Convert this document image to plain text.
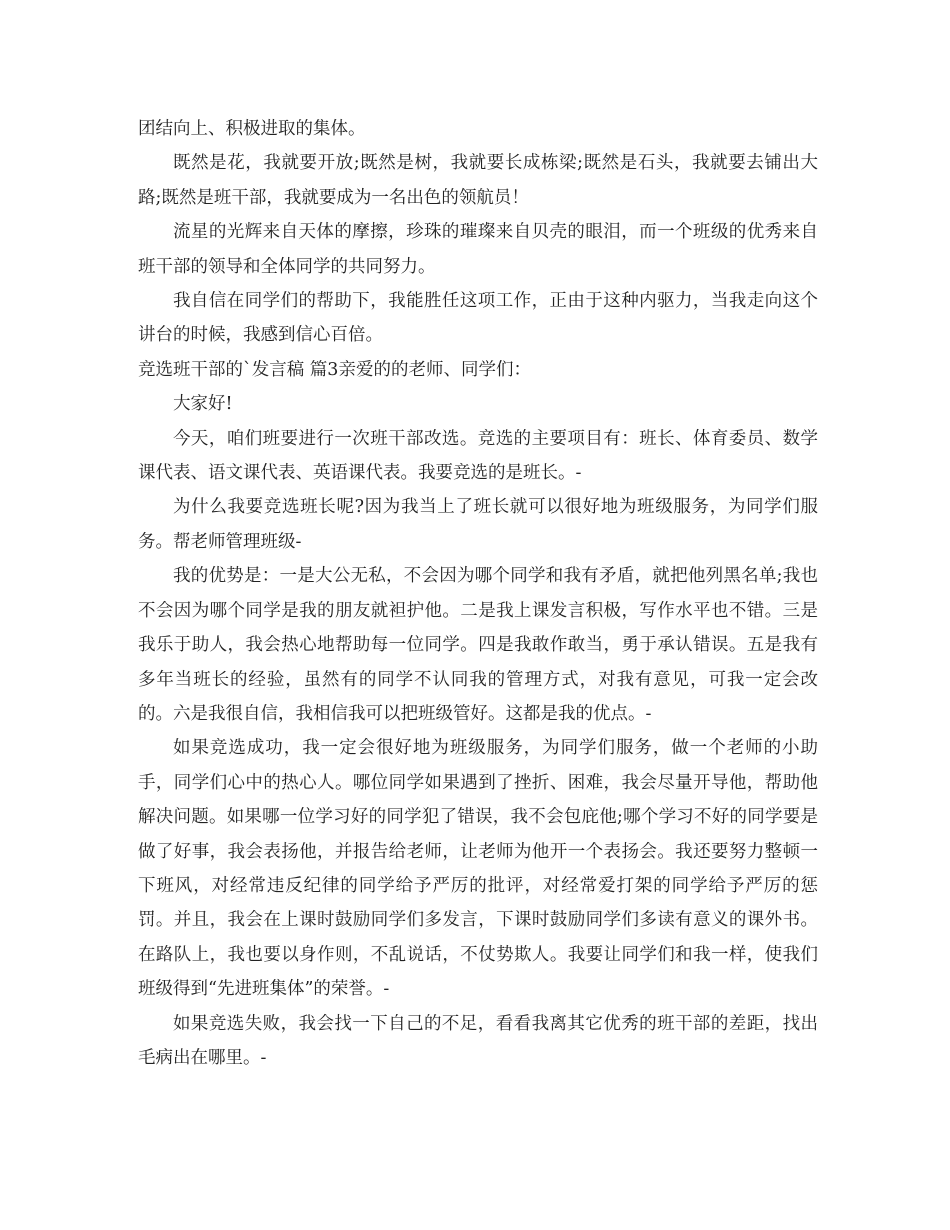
团结向上、积极进取的集体。

既然是花，我就要开放;既然是树，我就要长成栋梁;既然是石头，我就要去铺出大路;既然是班干部，我就要成为一名出色的领航员！

流星的光辉来自天体的摩擦，珍珠的璀璨来自贝壳的眼泪，而一个班级的优秀来自班干部的领导和全体同学的共同努力。

我自信在同学们的帮助下，我能胜任这项工作，正由于这种内驱力，当我走向这个讲台的时候，我感到信心百倍。

竞选班干部的`发言稿 篇3亲爱的的老师、同学们：

大家好!

今天，咱们班要进行一次班干部改选。竞选的主要项目有：班长、体育委员、数学课代表、语文课代表、英语课代表。我要竞选的是班长。-

为什么我要竞选班长呢?因为我当上了班长就可以很好地为班级服务，为同学们服务。帮老师管理班级-

我的优势是：一是大公无私，不会因为哪个同学和我有矛盾，就把他列黑名单;我也不会因为哪个同学是我的朋友就袒护他。二是我上课发言积极，写作水平也不错。三是我乐于助人，我会热心地帮助每一位同学。四是我敢作敢当，勇于承认错误。五是我有多年当班长的经验，虽然有的同学不认同我的管理方式，对我有意见，可我一定会改的。六是我很自信，我相信我可以把班级管好。这都是我的优点。-

如果竞选成功，我一定会很好地为班级服务，为同学们服务，做一个老师的小助手，同学们心中的热心人。哪位同学如果遇到了挫折、困难，我会尽量开导他，帮助他解决问题。如果哪一位学习好的同学犯了错误，我不会包庇他;哪个学习不好的同学要是做了好事，我会表扬他，并报告给老师，让老师为他开一个表扬会。我还要努力整顿一下班风，对经常违反纪律的同学给予严厉的批评，对经常爱打架的同学给予严厉的惩罚。并且，我会在上课时鼓励同学们多发言，下课时鼓励同学们多读有意义的课外书。在路队上，我也要以身作则，不乱说话，不仗势欺人。我要让同学们和我一样，使我们班级得到“先进班集体”的荣誉。-

如果竞选失败，我会找一下自己的不足，看看我离其它优秀的班干部的差距，找出毛病出在哪里。-
